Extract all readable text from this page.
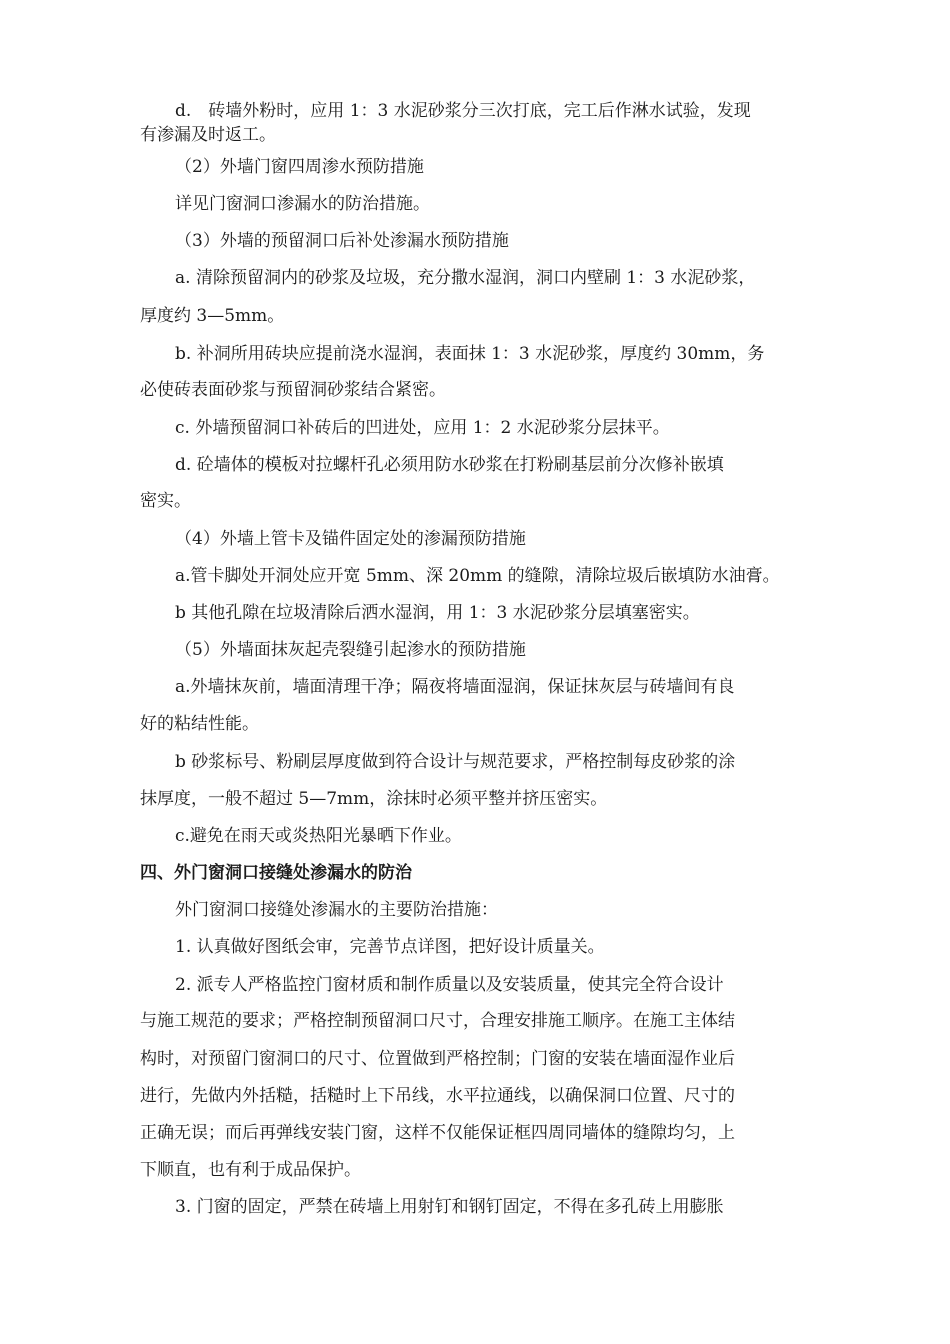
d.　砖墙外粉时，应用 1：3 水泥砂浆分三次打底，完工后作淋水试验，发现
有渗漏及时返工。
（2）外墙门窗四周渗水预防措施
详见门窗洞口渗漏水的防治措施。
（3）外墙的预留洞口后补处渗漏水预防措施
a. 清除预留洞内的砂浆及垃圾，充分撒水湿润，洞口内壁刷 1：3 水泥砂浆，
厚度约 3—5mm。
b. 补洞所用砖块应提前浇水湿润，表面抹 1：3 水泥砂浆，厚度约 30mm，务
必使砖表面砂浆与预留洞砂浆结合紧密。
c. 外墙预留洞口补砖后的凹进处，应用 1：2 水泥砂浆分层抹平。
d. 砼墙体的模板对拉螺杆孔必须用防水砂浆在打粉刷基层前分次修补嵌填
密实。
（4）外墙上管卡及锚件固定处的渗漏预防措施
a.管卡脚处开洞处应开宽 5mm、深 20mm 的缝隙，清除垃圾后嵌填防水油膏。
b 其他孔隙在垃圾清除后洒水湿润，用 1：3 水泥砂浆分层填塞密实。
（5）外墙面抹灰起壳裂缝引起渗水的预防措施
a.外墙抹灰前，墙面清理干净；隔夜将墙面湿润，保证抹灰层与砖墙间有良
好的粘结性能。
b 砂浆标号、粉刷层厚度做到符合设计与规范要求，严格控制每皮砂浆的涂
抹厚度，一般不超过 5—7mm，涂抹时必须平整并挤压密实。
c.避免在雨天或炎热阳光暴晒下作业。
四、外门窗洞口接缝处渗漏水的防治
外门窗洞口接缝处渗漏水的主要防治措施：
1. 认真做好图纸会审，完善节点详图，把好设计质量关。
2. 派专人严格监控门窗材质和制作质量以及安装质量，使其完全符合设计
与施工规范的要求；严格控制预留洞口尺寸，合理安排施工顺序。在施工主体结
构时，对预留门窗洞口的尺寸、位置做到严格控制；门窗的安装在墙面湿作业后
进行，先做内外括糙，括糙时上下吊线，水平拉通线，以确保洞口位置、尺寸的
正确无误；而后再弹线安装门窗，这样不仅能保证框四周同墙体的缝隙均匀，上
下顺直，也有利于成品保护。
3. 门窗的固定，严禁在砖墙上用射钉和钢钉固定，不得在多孔砖上用膨胀
